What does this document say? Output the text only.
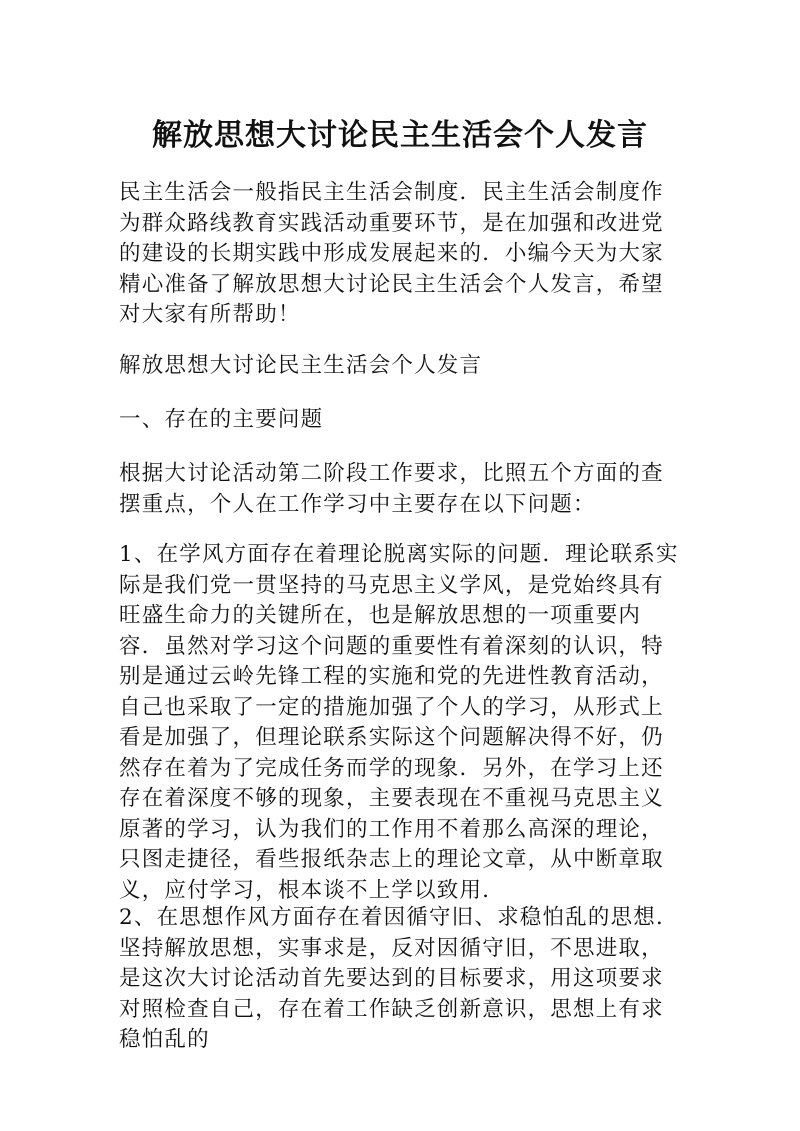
解放思想大讨论民主生活会个人发言

民主生活会一般指民主生活会制度．民主生活会制度作为群众路线教育实践活动重要环节，是在加强和改进党的建设的长期实践中形成发展起来的．小编今天为大家精心准备了解放思想大讨论民主生活会个人发言，希望对大家有所帮助！

解放思想大讨论民主生活会个人发言

一、存在的主要问题

根据大讨论活动第二阶段工作要求，比照五个方面的查摆重点，个人在工作学习中主要存在以下问题：

1、在学风方面存在着理论脱离实际的问题．理论联系实际是我们党一贯坚持的马克思主义学风，是党始终具有旺盛生命力的关键所在，也是解放思想的一项重要内容．虽然对学习这个问题的重要性有着深刻的认识，特别是通过云岭先锋工程的实施和党的先进性教育活动，自己也采取了一定的措施加强了个人的学习，从形式上看是加强了，但理论联系实际这个问题解决得不好，仍然存在着为了完成任务而学的现象．另外，在学习上还存在着深度不够的现象，主要表现在不重视马克思主义原著的学习，认为我们的工作用不着那么高深的理论，只图走捷径，看些报纸杂志上的理论文章，从中断章取义，应付学习，根本谈不上学以致用．

2、在思想作风方面存在着因循守旧、求稳怕乱的思想．坚持解放思想，实事求是，反对因循守旧，不思进取，是这次大讨论活动首先要达到的目标要求，用这项要求对照检查自己，存在着工作缺乏创新意识，思想上有求稳怕乱的
